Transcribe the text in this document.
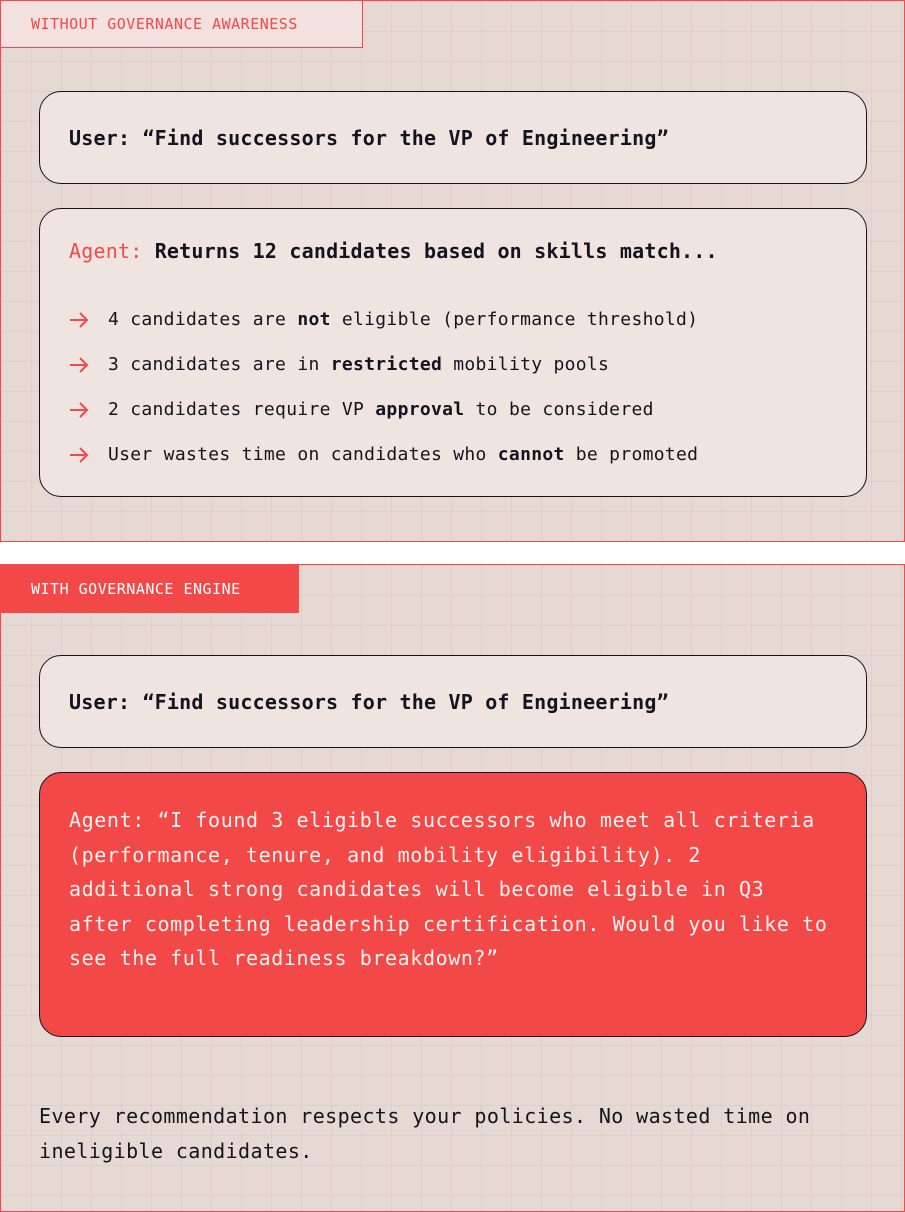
WITHOUT GOVERNANCE AWARENESS
User: “Find successors for the VP of Engineering”
Agent: Returns 12 candidates based on skills match...
4 candidates are not eligible (performance threshold)
3 candidates are in restricted mobility pools
2 candidates require VP approval to be considered
User wastes time on candidates who cannot be promoted
WITH GOVERNANCE ENGINE
User: “Find successors for the VP of Engineering”
Agent: “I found 3 eligible successors who meet all criteria (performance, tenure, and mobility eligibility). 2 additional strong candidates will become eligible in Q3 after completing leadership certification. Would you like to see the full readiness breakdown?”
Every recommendation respects your policies. No wasted time on ineligible candidates.
